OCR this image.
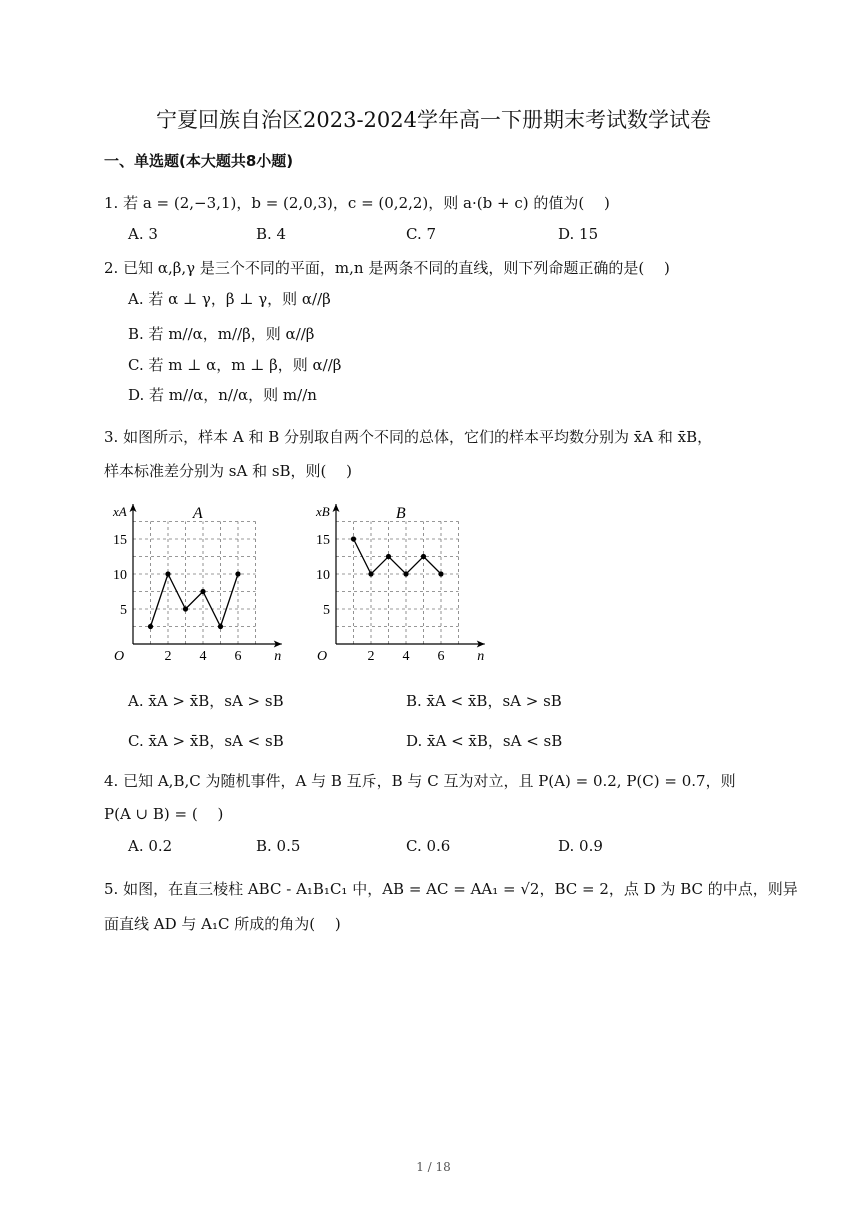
宁夏回族自治区2023-2024学年高一下册期末考试数学试卷
一、单选题(本大题共8小题)
1. 若 a = (2,−3,1)，b = (2,0,3)，c = (0,2,2)，则 a·(b + c) 的值为(　 )
A. 3	B. 4	C. 7	D. 15
2. 已知 α,β,γ 是三个不同的平面，m,n 是两条不同的直线，则下列命题正确的是(　 )
A. 若 α ⊥ γ，β ⊥ γ，则 α//β
B. 若 m//α，m//β，则 α//β
C. 若 m ⊥ α，m ⊥ β，则 α//β
D. 若 m//α，n//α，则 m//n
3. 如图所示，样本 A 和 B 分别取自两个不同的总体，它们的样本平均数分别为 x̄A 和 x̄B，
样本标准差分别为 sA 和 sB，则(　 )
2 4 6
5
10
15
O	n
xA	A
2 4 6
5
10
15
O	n
xB	B
A. x̄A > x̄B，sA > sB	B. x̄A < x̄B，sA > sB
C. x̄A > x̄B，sA < sB	D. x̄A < x̄B，sA < sB
4. 已知 A,B,C 为随机事件，A 与 B 互斥，B 与 C 互为对立，且 P(A) = 0.2, P(C) = 0.7，则
P(A ∪ B) = (　 )
A. 0.2	B. 0.5	C. 0.6	D. 0.9
5. 如图，在直三棱柱 ABC - A₁B₁C₁ 中，AB = AC = AA₁ = √2，BC = 2，点 D 为 BC 的中点，则异
面直线 AD 与 A₁C 所成的角为(　 )
1 / 18
